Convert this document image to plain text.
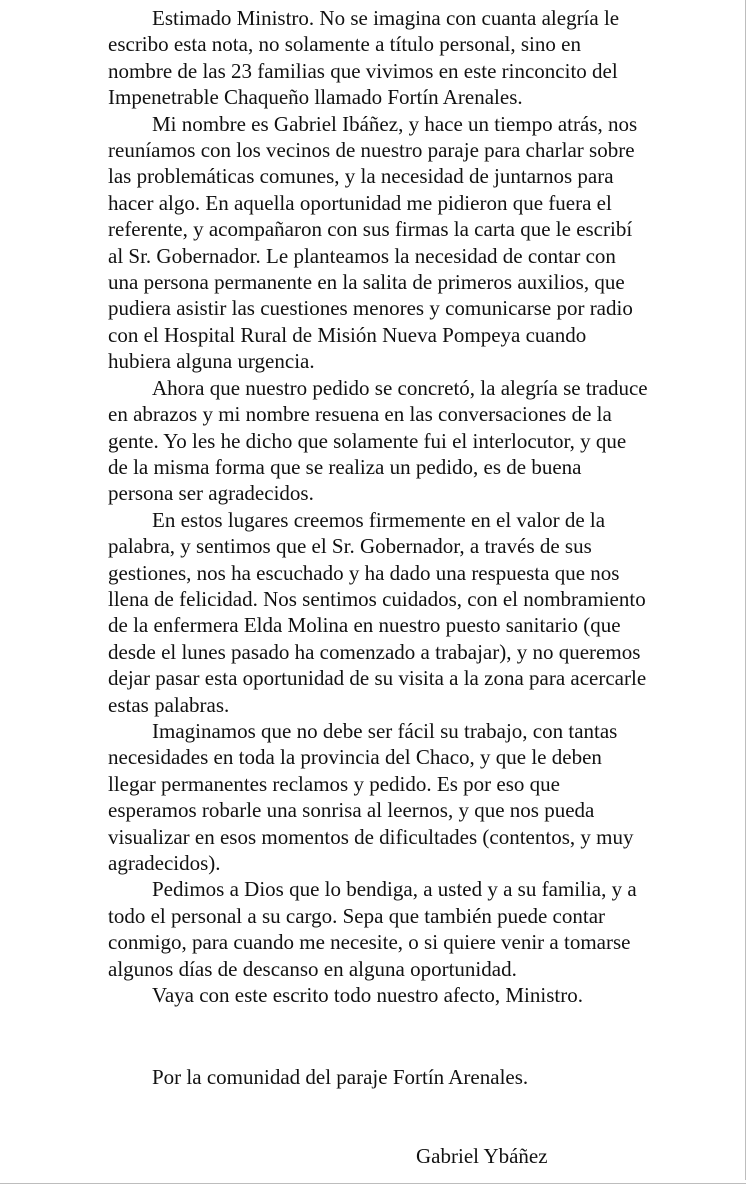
Estimado Ministro. No se imagina con cuanta alegría le escribo esta nota, no solamente a título personal, sino en nombre de las 23 familias que vivimos en este rinconcito del Impenetrable Chaqueño llamado Fortín Arenales.

Mi nombre es Gabriel Ibáñez, y hace un tiempo atrás, nos reuníamos con los vecinos de nuestro paraje para charlar sobre las problemáticas comunes, y la necesidad de juntarnos para hacer algo. En aquella oportunidad me pidieron que fuera el referente, y acompañaron con sus firmas la carta que le escribí al Sr. Gobernador. Le planteamos la necesidad de contar con una persona permanente en la salita de primeros auxilios, que pudiera asistir las cuestiones menores y comunicarse por radio con el Hospital Rural de Misión Nueva Pompeya cuando hubiera alguna urgencia.

Ahora que nuestro pedido se concretó, la alegría se traduce en abrazos y mi nombre resuena en las conversaciones de la gente. Yo les he dicho que solamente fui el interlocutor, y que de la misma forma que se realiza un pedido, es de buena persona ser agradecidos.

En estos lugares creemos firmemente en el valor de la palabra, y sentimos que el Sr. Gobernador, a través de sus gestiones, nos ha escuchado y ha dado una respuesta que nos llena de felicidad. Nos sentimos cuidados, con el nombramiento de la enfermera Elda Molina en nuestro puesto sanitario (que desde el lunes pasado ha comenzado a trabajar), y no queremos dejar pasar esta oportunidad de su visita a la zona para acercarle estas palabras.

Imaginamos que no debe ser fácil su trabajo, con tantas necesidades en toda la provincia del Chaco, y que le deben llegar permanentes reclamos y pedido. Es por eso que esperamos robarle una sonrisa al leernos, y que nos pueda visualizar en esos momentos de dificultades (contentos, y muy agradecidos).

Pedimos a Dios que lo bendiga, a usted y a su familia, y a todo el personal a su cargo. Sepa que también puede contar conmigo, para cuando me necesite, o si quiere venir a tomarse algunos días de descanso en alguna oportunidad.

Vaya con este escrito todo nuestro afecto, Ministro.

Por la comunidad del paraje Fortín Arenales.
Gabriel Ybáñez
